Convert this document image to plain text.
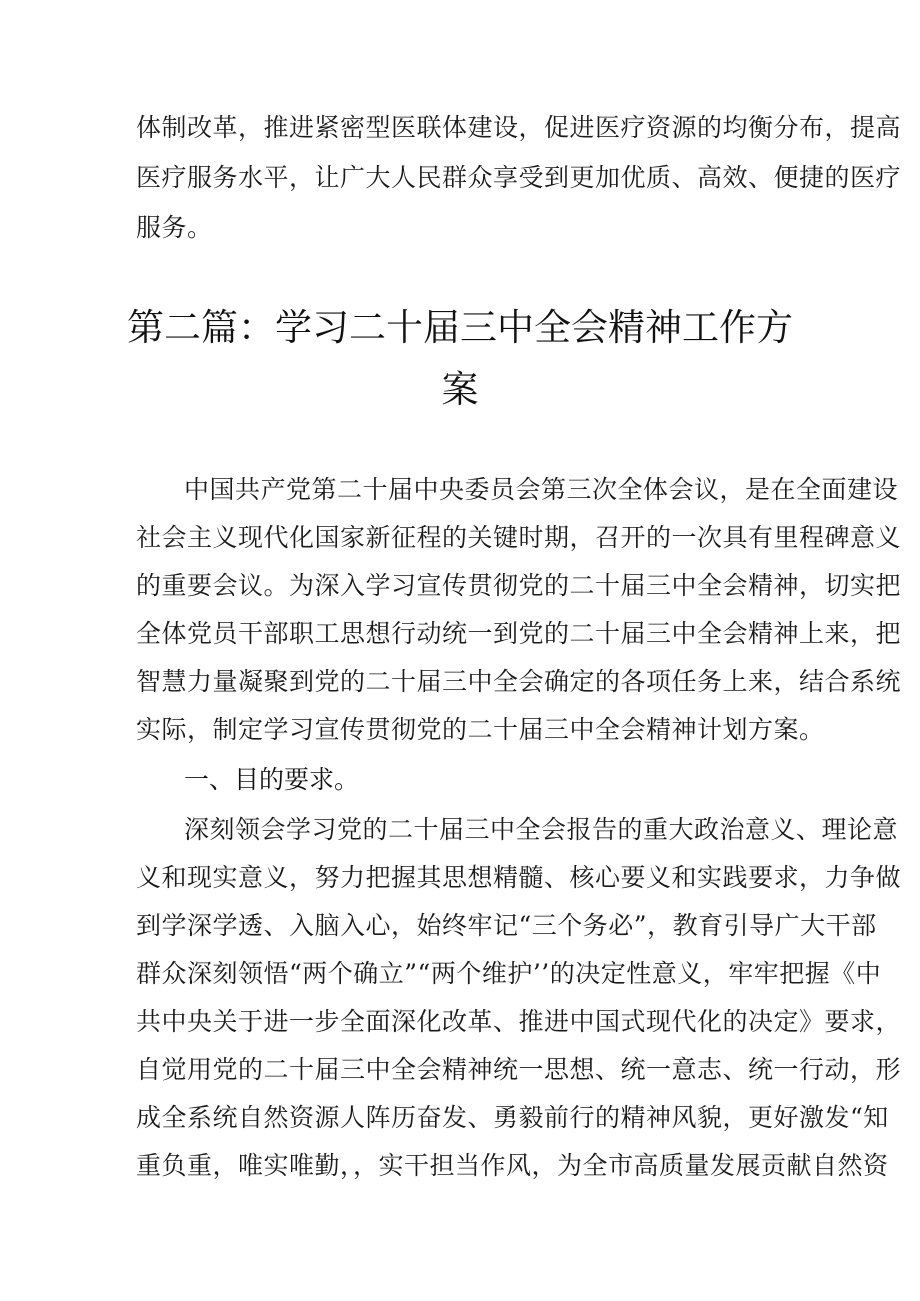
体制改革，推进紧密型医联体建设，促进医疗资源的均衡分布，提高
医疗服务水平，让广大人民群众享受到更加优质、高效、便捷的医疗
服务。
第二篇：学习二十届三中全会精神工作方
案
中国共产党第二十届中央委员会第三次全体会议，是在全面建设
社会主义现代化国家新征程的关键时期，召开的一次具有里程碑意义
的重要会议。为深入学习宣传贯彻党的二十届三中全会精神，切实把
全体党员干部职工思想行动统一到党的二十届三中全会精神上来，把
智慧力量凝聚到党的二十届三中全会确定的各项任务上来，结合系统
实际，制定学习宣传贯彻党的二十届三中全会精神计划方案。
一、目的要求。
深刻领会学习党的二十届三中全会报告的重大政治意义、理论意
义和现实意义，努力把握其思想精髓、核心要义和实践要求，力争做
到学深学透、入脑入心，始终牢记“三个务必”，教育引导广大干部
群众深刻领悟“两个确立”“两个维护’’的决定性意义，牢牢把握《中
共中央关于进一步全面深化改革、推进中国式现代化的决定》要求，
自觉用党的二十届三中全会精神统一思想、统一意志、统一行动，形
成全系统自然资源人阵历奋发、勇毅前行的精神风貌，更好激发“知
重负重，唯实唯勤，，实干担当作风，为全市高质量发展贡献自然资
